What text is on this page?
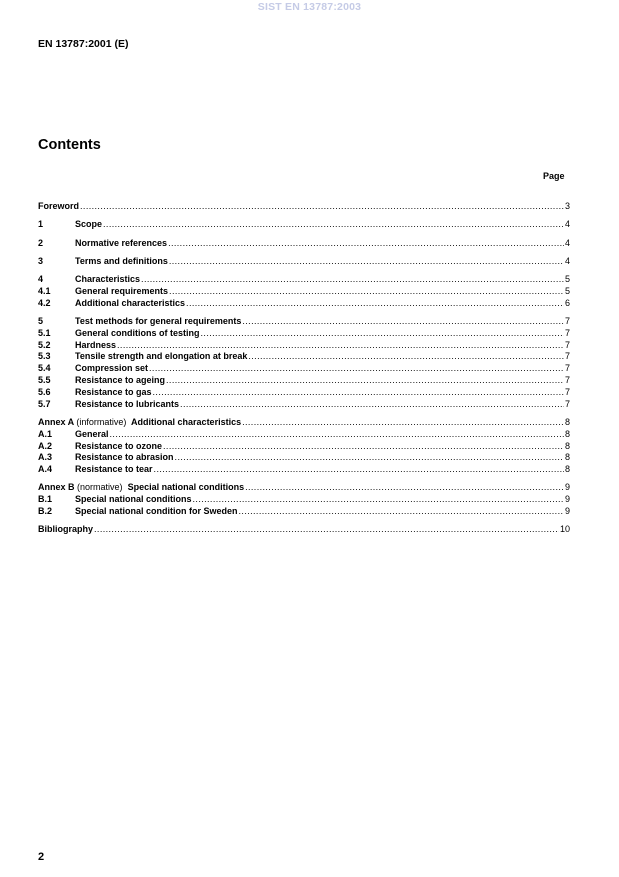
SIST EN 13787:2003
EN 13787:2001 (E)
Contents
Page
Foreword .....	3
1	Scope .....	4
2	Normative references .....	4
3	Terms and definitions .....	4
4	Characteristics .....	5
4.1	General requirements .....	5
4.2	Additional characteristics .....	6
5	Test methods for general requirements .....	7
5.1	General conditions of testing .....	7
5.2	Hardness .....	7
5.3	Tensile strength and elongation at break .....	7
5.4	Compression set .....	7
5.5	Resistance to ageing .....	7
5.6	Resistance to gas .....	7
5.7	Resistance to lubricants .....	7
Annex A (informative) Additional characteristics .....	8
A.1	General .....	8
A.2	Resistance to ozone .....	8
A.3	Resistance to abrasion .....	8
A.4	Resistance to tear .....	8
Annex B (normative) Special national conditions .....	9
B.1	Special national conditions .....	9
B.2	Special national condition for Sweden .....	9
Bibliography .....	10
2
